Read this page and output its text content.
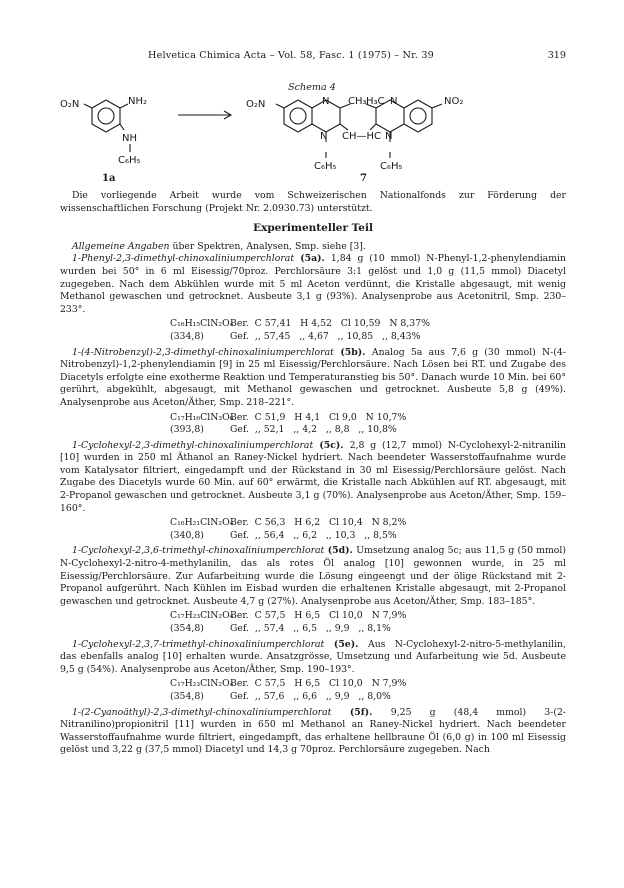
Helvetica Chimica Acta – Vol. 58, Fasc. 1 (1975) – Nr. 39	319
Schema 4
O₂N	NH₂
NH
C₆H₅
1a
O₂N	N CH₃ H₃C N	NO₂
N CH—HC N
C₆H₅	C₆H₅
7

Die vorliegende Arbeit wurde vom Schweizerischen Nationalfonds zur Förderung der wissenschaftlichen Forschung (Projekt Nr. 2.0930.73) unterstützt.

Experimenteller Teil

Allgemeine Angaben über Spektren, Analysen, Smp. siehe [3].

1-Phenyl-2,3-dimethyl-chinoxaliniumperchlorat (5a). 1,84 g (10 mmol) N-Phenyl-1,2-phenylendiamin wurden bei 50° in 6 ml Eisessig/70proz. Perchlorsäure 3:1 gelöst und 1,0 g (11,5 mmol) Diacetyl zugegeben. Nach dem Abkühlen wurde mit 5 ml Aceton verdünnt, die Kristalle abgesaugt, mit wenig Methanol gewaschen und getrocknet. Ausbeute 3,1 g (93%). Analysenprobe aus Acetonitril, Smp. 230–233°.

C₁₆H₁₅ClN₂O₄
Ber.  C 57,41   H 4,52   Cl 10,59   N 8,37%
(334,8)	Gef.  ,, 57,45   ,, 4,67   ,, 10,85   ,, 8,43%

1-(4-Nitrobenzyl)-2,3-dimethyl-chinoxaliniumperchlorat (5b). Analog 5a aus 7,6 g (30 mmol) N-(4-Nitrobenzyl)-1,2-phenylendiamin [9] in 25 ml Eisessig/Perchlorsäure. Nach Lösen bei RT. und Zugabe des Diacetyls erfolgte eine exotherme Reaktion und Temperaturanstieg bis 50°. Danach wurde 10 Min. bei 60° gerührt, abgekühlt, abgesaugt, mit Methanol gewaschen und getrocknet. Ausbeute 5,8 g (49%). Analysenprobe aus Aceton/Äther, Smp. 218–221°.

C₁₇H₁₆ClN₃O₆
Ber.  C 51,9   H 4,1   Cl 9,0   N 10,7%
(393,8)	Gef.  ,, 52,1   ,, 4,2   ,, 8,8   ,, 10,8%

1-Cyclohexyl-2,3-dimethyl-chinoxaliniumperchlorat (5c). 2,8 g (12,7 mmol) N-Cyclohexyl-2-nitranilin [10] wurden in 250 ml Äthanol an Raney-Nickel hydriert. Nach beendeter Wasserstoffaufnahme wurde vom Katalysator filtriert, eingedampft und der Rückstand in 30 ml Eisessig/Perchlorsäure gelöst. Nach Zugabe des Diacetyls wurde 60 Min. auf 60° erwärmt, die Kristalle nach Abkühlen auf RT. abgesaugt, mit 2-Propanol gewaschen und getrocknet. Ausbeute 3,1 g (70%). Analysenprobe aus Aceton/Äther, Smp. 159–160°.

C₁₆H₂₁ClN₂O₄
Ber.  C 56,3   H 6,2   Cl 10,4   N 8,2%
(340,8)	Gef.  ,, 56,4   ,, 6,2   ,, 10,3   ,, 8,5%

1-Cyclohexyl-2,3,6-trimethyl-chinoxaliniumperchlorat (5d). Umsetzung analog 5c; aus 11,5 g (50 mmol) N-Cyclohexyl-2-nitro-4-methylanilin, das als rotes Öl analog [10] gewonnen wurde, in 25 ml Eisessig/Perchlorsäure. Zur Aufarbeitung wurde die Lösung eingeengt und der ölige Rückstand mit 2-Propanol aufgerührt. Nach Kühlen im Eisbad wurden die erhaltenen Kristalle abgesaugt, mit 2-Propanol gewaschen und getrocknet. Ausbeute 4,7 g (27%). Analysenprobe aus Aceton/Äther, Smp. 183–185°.

C₁₇H₂₃ClN₂O₄
Ber.  C 57,5   H 6,5   Cl 10,0   N 7,9%
(354,8)	Gef.  ,, 57,4   ,, 6,5   ,, 9,9   ,, 8,1%

1-Cyclohexyl-2,3,7-trimethyl-chinoxaliniumperchlorat (5e). Aus N-Cyclohexyl-2-nitro-5-methylanilin, das ebenfalls analog [10] erhalten wurde. Ansatzgrösse, Umsetzung und Aufarbeitung wie 5d. Ausbeute 9,5 g (54%). Analysenprobe aus Aceton/Äther, Smp. 190–193°.

C₁₇H₂₃ClN₂O₄
Ber.  C 57,5   H 6,5   Cl 10,0   N 7,9%
(354,8)	Gef.  ,, 57,6   ,, 6,6   ,, 9,9   ,, 8,0%

1-(2-Cyanoäthyl)-2,3-dimethyl-chinoxaliniumperchlorat (5f). 9,25 g (48,4 mmol) 3-(2-Nitranilino)propionitril [11] wurden in 650 ml Methanol an Raney-Nickel hydriert. Nach beendeter Wasserstoffaufnahme wurde filtriert, eingedampft, das erhaltene hellbraune Öl (6,0 g) in 100 ml Eisessig gelöst und 3,22 g (37,5 mmol) Diacetyl und 14,3 g 70proz. Perchlorsäure zugegeben. Nach
